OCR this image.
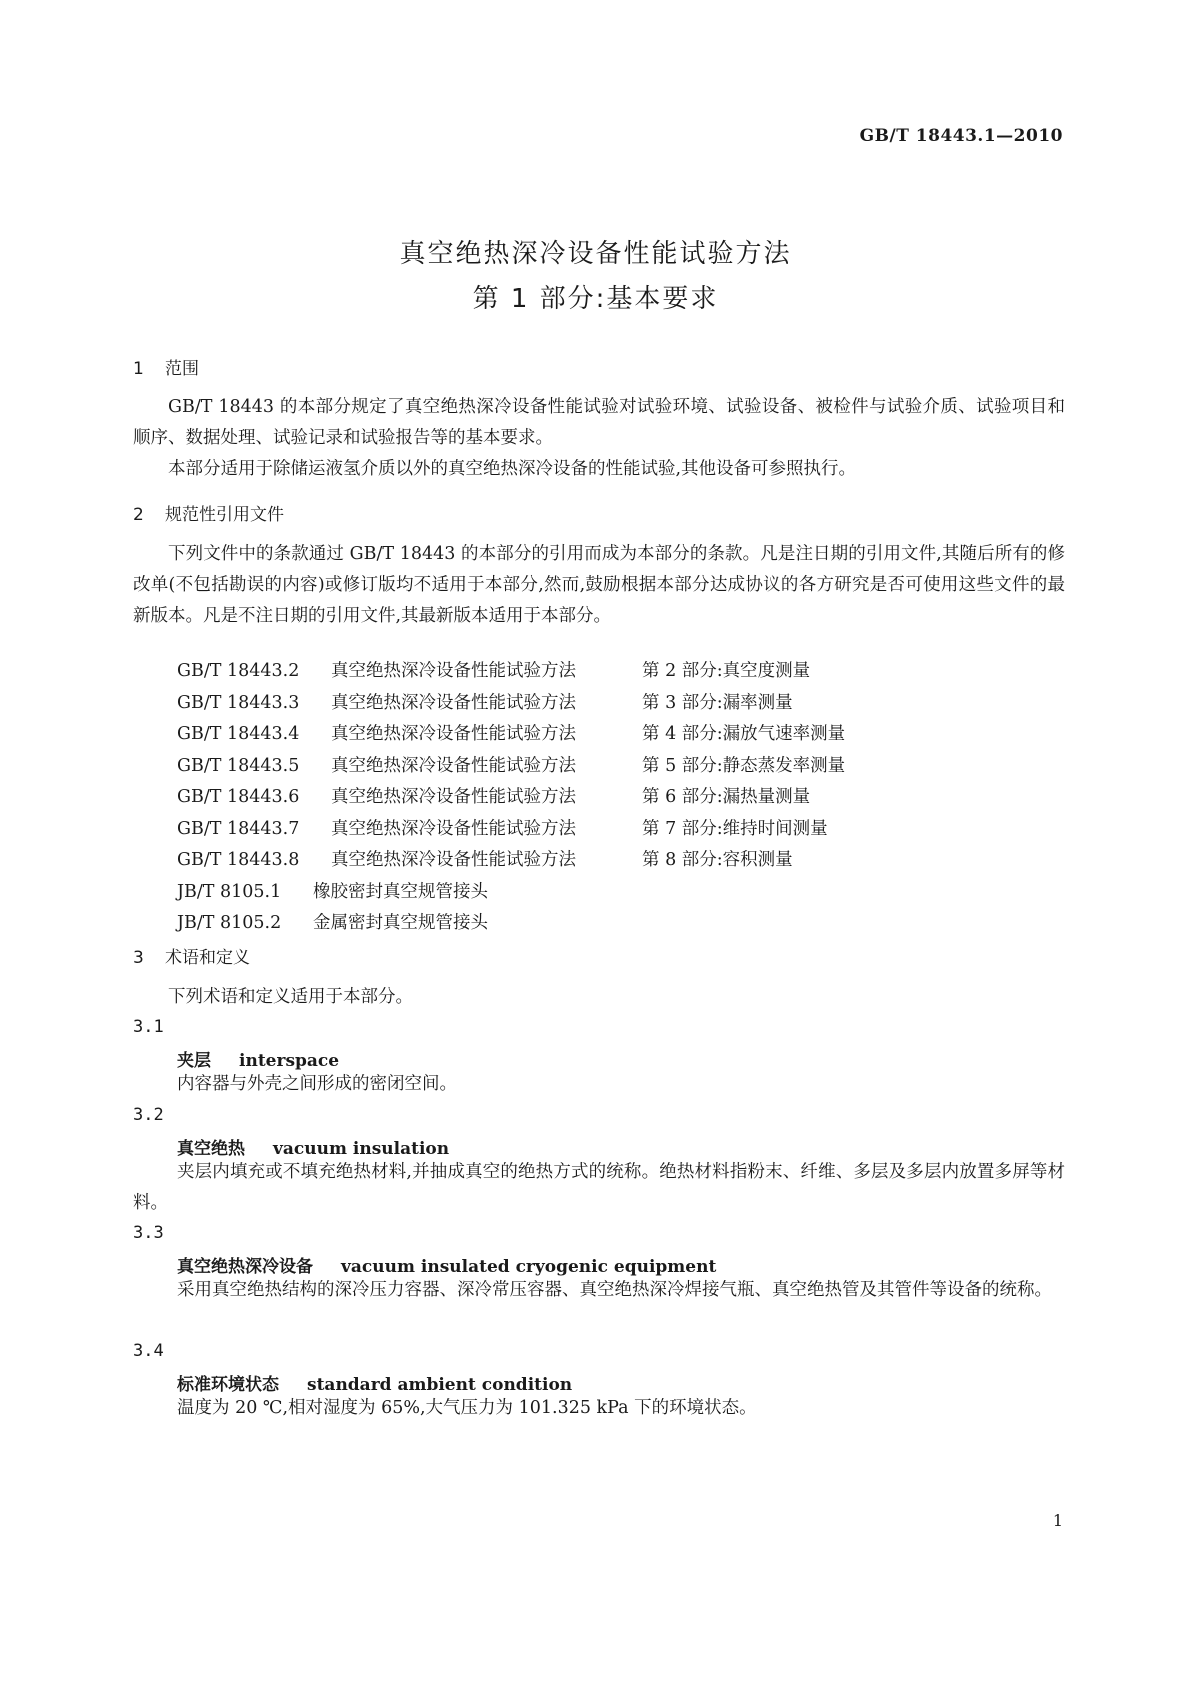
GB/T 18443.1—2010
真空绝热深冷设备性能试验方法
第 1 部分:基本要求
1 范围
GB/T 18443 的本部分规定了真空绝热深冷设备性能试验对试验环境、试验设备、被检件与试验介质、试验项目和顺序、数据处理、试验记录和试验报告等的基本要求。
本部分适用于除储运液氢介质以外的真空绝热深冷设备的性能试验,其他设备可参照执行。
2 规范性引用文件
下列文件中的条款通过 GB/T 18443 的本部分的引用而成为本部分的条款。凡是注日期的引用文件,其随后所有的修改单(不包括勘误的内容)或修订版均不适用于本部分,然而,鼓励根据本部分达成协议的各方研究是否可使用这些文件的最新版本。凡是不注日期的引用文件,其最新版本适用于本部分。
GB/T 18443.2 真空绝热深冷设备性能试验方法	第 2 部分:真空度测量
GB/T 18443.3 真空绝热深冷设备性能试验方法	第 3 部分:漏率测量
GB/T 18443.4 真空绝热深冷设备性能试验方法	第 4 部分:漏放气速率测量
GB/T 18443.5 真空绝热深冷设备性能试验方法	第 5 部分:静态蒸发率测量
GB/T 18443.6 真空绝热深冷设备性能试验方法	第 6 部分:漏热量测量
GB/T 18443.7 真空绝热深冷设备性能试验方法	第 7 部分:维持时间测量
GB/T 18443.8 真空绝热深冷设备性能试验方法	第 8 部分:容积测量
JB/T 8105.1 橡胶密封真空规管接头
JB/T 8105.2 金属密封真空规管接头
3 术语和定义
下列术语和定义适用于本部分。
3.1
夹层 interspace
内容器与外壳之间形成的密闭空间。
3.2
真空绝热 vacuum insulation
夹层内填充或不填充绝热材料,并抽成真空的绝热方式的统称。绝热材料指粉末、纤维、多层及多层内放置多屏等材料。
3.3
真空绝热深冷设备 vacuum insulated cryogenic equipment
采用真空绝热结构的深冷压力容器、深冷常压容器、真空绝热深冷焊接气瓶、真空绝热管及其管件等设备的统称。
3.4
标准环境状态 standard ambient condition
温度为 20 ℃,相对湿度为 65%,大气压力为 101.325 kPa 下的环境状态。
1
